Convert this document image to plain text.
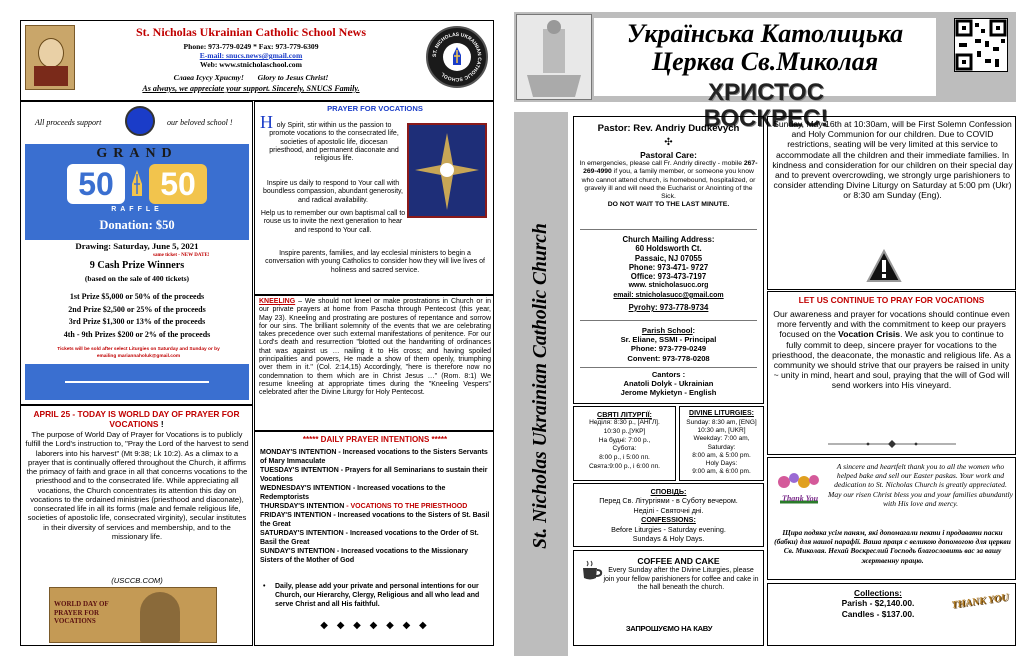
St. Nicholas Ukrainian Catholic School News
Phone: 973-779-0249 * Fax: 973-779-6309
E-mail: snucs.news@gmail.com
Web: www.stnicholaschool.com
Слава Ісусу Христу! Glory to Jesus Christ!
As always, we appreciate your support. Sincerely, SNUCS Family.
ST. NICHOLAS UKRAINIAN CATHOLIC SCHOOL
All proceeds support	our beloved school !
GRAND
50	50
RAFFLE
Donation: $50
Drawing: Saturday, June 5, 2021
same ticket - NEW DATE!
9 Cash Prize Winners
(based on the sale of 400 tickets)
1st Prize $5,000 or 50% of the proceeds
2nd Prize $2,500 or 25% of the proceeds
3rd Prize $1,300 or 13% of the proceeds
4th - 9th Prizes $200 or 2% of the proceeds
Tickets will be sold after select Liturgies on Saturday and Sunday or by emailing mariannaholuk@gmail.com
APRIL 25 - TODAY IS WORLD DAY OF PRAYER FOR VOCATIONS !
The purpose of World Day of Prayer for Vocations is to publicly fulfill the Lord's instruction to, "Pray the Lord of the harvest to send laborers into his harvest" (Mt 9:38; Lk 10:2). As a climax to a prayer that is continually offered throughout the Church, it affirms the primacy of faith and grace in all that concerns vocations to the priesthood and to the consecrated life. While appreciating all vocations, the Church concentrates its attention this day on vocations to the ordained ministries (priesthood and diaconate), consecrated life in all its forms (male and female religious life, societies of apostolic life, consecrated virginity), secular institutes in their diversity of services and membership, and to the missionary life.
(USCCB.COM)
WORLD DAY OF PRAYER FOR VOCATIONS
PRAYER FOR VOCATIONS
H oly Spirit, stir within us the passion to promote vocations to the consecrated life, societies of apostolic life, diocesan priesthood, and permanent diaconate and religious life.
Inspire us daily to respond to Your call with boundless compassion, abundant generosity, and radical availability.
Help us to remember our own baptismal call to rouse us to invite the next generation to hear and respond to Your call.
Inspire parents, families, and lay ecclesial ministers to begin a conversation with young Catholics to consider how they will live lives of holiness and sacred service.
KNEELING – We should not kneel or make prostrations in Church or in our private prayers at home from Pascha through Pentecost (this year, May 23). Kneeling and prostrating are postures of repentance and sorrow for our sins. The brilliant solemnity of the events that we are celebrating takes precedence over such external manifestations of penitence. For our Lord's death and resurrection "blotted out the handwriting of ordinances that was against us … nailing it to His cross; and having spoiled principalities and powers, He made a show of them openly, triumphing over them in it." (Col. 2:14,15) Accordingly, "here is therefore now no condemnation to them which are in Christ Jesus …" (Rom. 8:1) We resume kneeling at appropriate times during the "Kneeling Vespers" celebrated after the Divine Liturgy for Holy Pentecost.
***** DAILY PRAYER INTENTIONS *****
MONDAY'S INTENTION - Increased vocations to the Sisters Servants of Mary Immaculate
TUESDAY'S INTENTION - Prayers for all Seminarians to sustain their Vocations
WEDNESDAY'S INTENTION - Increased vocations to the Redemptorists
THURSDAY'S INTENTION - VOCATIONS TO THE PRIESTHOOD
FRIDAY'S INTENTION - Increased vocations to the Sisters of St. Basil the Great
SATURDAY'S INTENTION - Increased vocations to the Order of St. Basil the Great
SUNDAY'S INTENTION - Increased vocations to the Missionary Sisters of the Mother of God
• Daily, please add your private and personal intentions for our Church, our Hierarchy, Clergy, Religious and all who lead and serve Christ and all His faithful.
◆ ◆ ◆ ◆ ◆ ◆ ◆
Українська Католицька
Церква Св.Миколая
ХРИСТОС ВОСКРЕС!
St. Nicholas Ukrainian Catholic Church
Pastor: Rev. Andriy Dudkevych
✣
Pastoral Care:
In emergencies, please call Fr. Andriy directly - mobile 267-269-4990 if you, a family member, or someone you know who cannot attend church, is homebound, hospitalized, or gravely ill and will need the Eucharist or Anointing of the Sick.
DO NOT WAIT TO THE LAST MINUTE.
Church Mailing Address:
60 Holdsworth Ct.
Passaic, NJ 07055
Phone: 973-471- 9727
Office: 973-473-7197
www. stnicholasucc.org
email: stnicholasucc@gmail.com
Pyrohy: 973-778-9734
Parish School:
Sr. Eliane, SSMI - Principal
Phone: 973-779-0249
Convent: 973-778-0208
Cantors :
Anatoli Dolyk - Ukrainian
Jerome Mykietyn - English
СВЯТІ ЛІТУРГІЇ:
Неділя: 8:30 р., [АНГЛ].
10:30 р.,[УКР]
На будні: 7:00 р.,
Субота:
8:00 р., і 5:00 пп.
Свята:9:00 р., і 6:00 пп.
DIVINE LITURGIES:
Sunday: 8:30 am, [ENG]
10:30 am, [UKR]
Weekday: 7:00 am,
Saturday:
8:00 am, & 5:00 pm.
Holy Days:
9:00 am, & 6:00 pm.
СПОВІДЬ:
Перед Св. Літургіями - в Суботу вечером.
Неділі - Святочні дні.
CONFESSIONS:
Before Liturgies - Saturday evening.
Sundays & Holy Days.
COFFEE AND CAKE
Every Sunday after the Divine Liturgies, please join your fellow parishioners for coffee and cake in the hall beneath the church.
ЗАПРОШУЄМО НА КАВУ
Sunday, May 16th at 10:30am, will be First Solemn Confession and Holy Communion for our children. Due to COVID restrictions, seating will be very limited at this service to accommodate all the children and their immediate families. In kindness and consideration for our children on their special day and to prevent overcrowding, we strongly urge parishioners to consider attending Divine Liturgy on Saturday at 5:00 pm (Ukr) or 8:30 am Sunday (Eng).
LET US CONTINUE TO PRAY FOR VOCATIONS
Our awareness and prayer for vocations should continue even more fervently and with the commitment to keep our prayers focused on the Vocation Crisis. We ask you to continue to fully commit to deep, sincere prayer for vocations to the priesthood, the deaconate, the monastic and religious life. As a community we should strive that our prayers be raised in unity ~ unity in mind, heart and soul, praying that the will of God will send workers into His vineyard.
Thank You
A sincere and heartfelt thank you to all the women who helped bake and sell our Easter paskas. Your work and dedication to St. Nicholas Church is greatly appreciated. May our risen Christ bless you and your families abundantly with His love and mercy.
Щира подяка усім паням, які допомагали пекти і продавати паски (бабки) для нашої парафії. Ваша праця с великою допомогою для церкви Св. Миколая. Нехай Воскреслий Господь благословить вас за вашу жертвенну працю.
Collections:
Parish - $2,140.00.
Candles - $137.00.
THANK YOU
